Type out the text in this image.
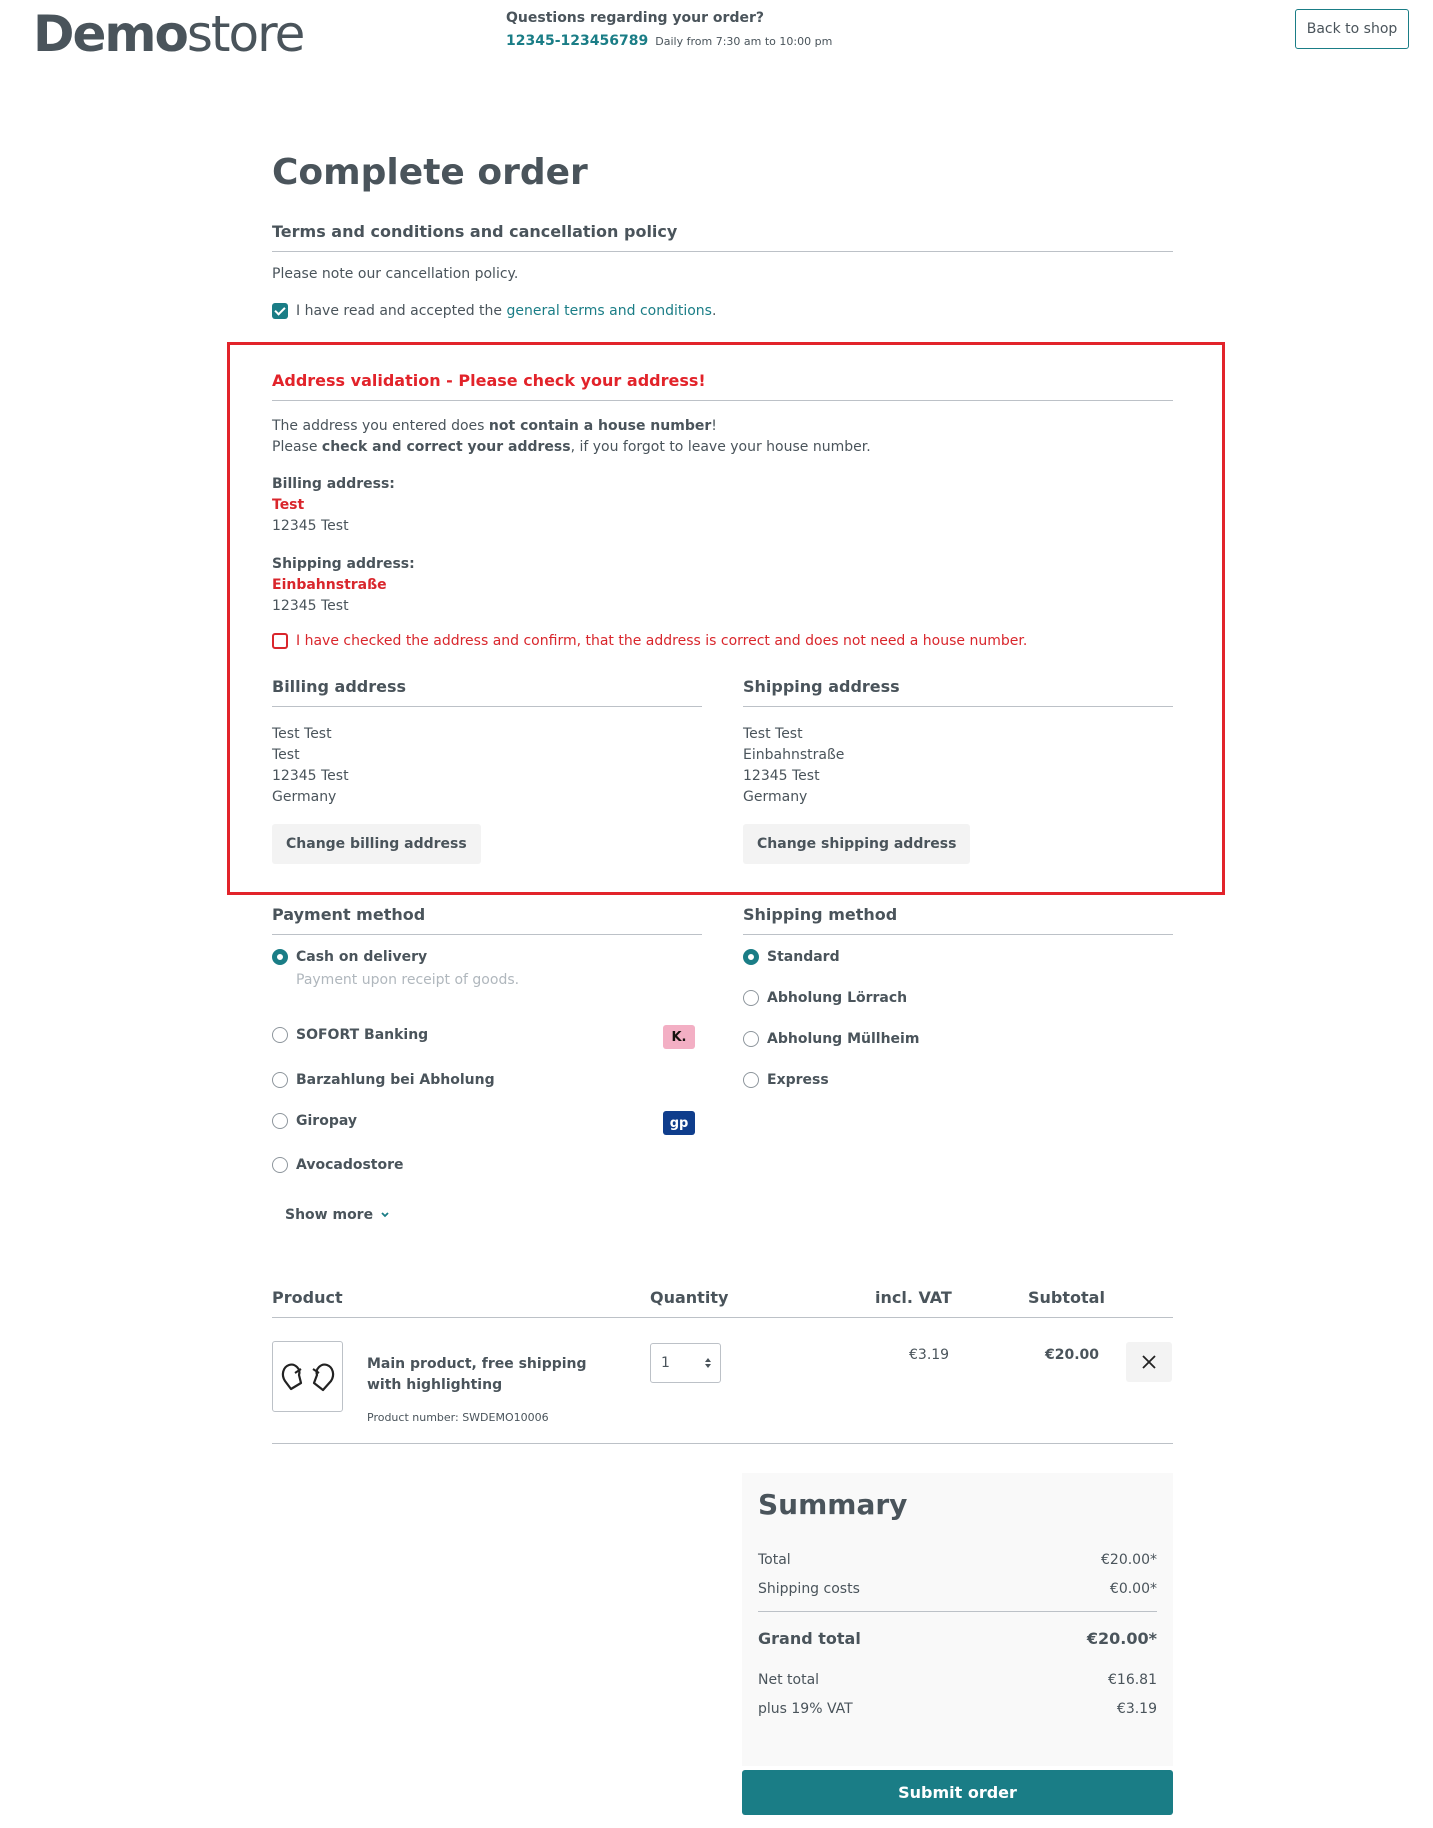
Demostore	Questions regarding your order?
12345-123456789 Daily from 7:30 am to 10:00 pm
Back to shop
Complete order
Terms and conditions and cancellation policy
Please note our cancellation policy.
I have read and accepted the general terms and conditions.
Address validation - Please check your address!
The address you entered does not contain a house number!
Please check and correct your address, if you forgot to leave your house number.
Billing address:
Test
12345 Test
Shipping address:
Einbahnstraße
12345 Test
I have checked the address and confirm, that the address is correct and does not need a house number.
Billing address
Test Test
Test
12345 Test
Germany
Change billing address
Shipping address
Test Test
Einbahnstraße
12345 Test
Germany
Change shipping address
Payment method
Cash on delivery
Payment upon receipt of goods.
SOFORT Banking	K.
Barzahlung bei Abholung
Giropay	gp
Avocadostore
Show more
Shipping method
Standard
Abholung Lörrach
Abholung Müllheim
Express
Product	Quantity	incl. VAT	Subtotal
Main product, free shipping with highlighting
Product number: SWDEMO10006
1	€3.19	€20.00
Summary
Total	€20.00*
Shipping costs	€0.00*
Grand total	€20.00*
Net total	€16.81
plus 19% VAT	€3.19
Submit order
